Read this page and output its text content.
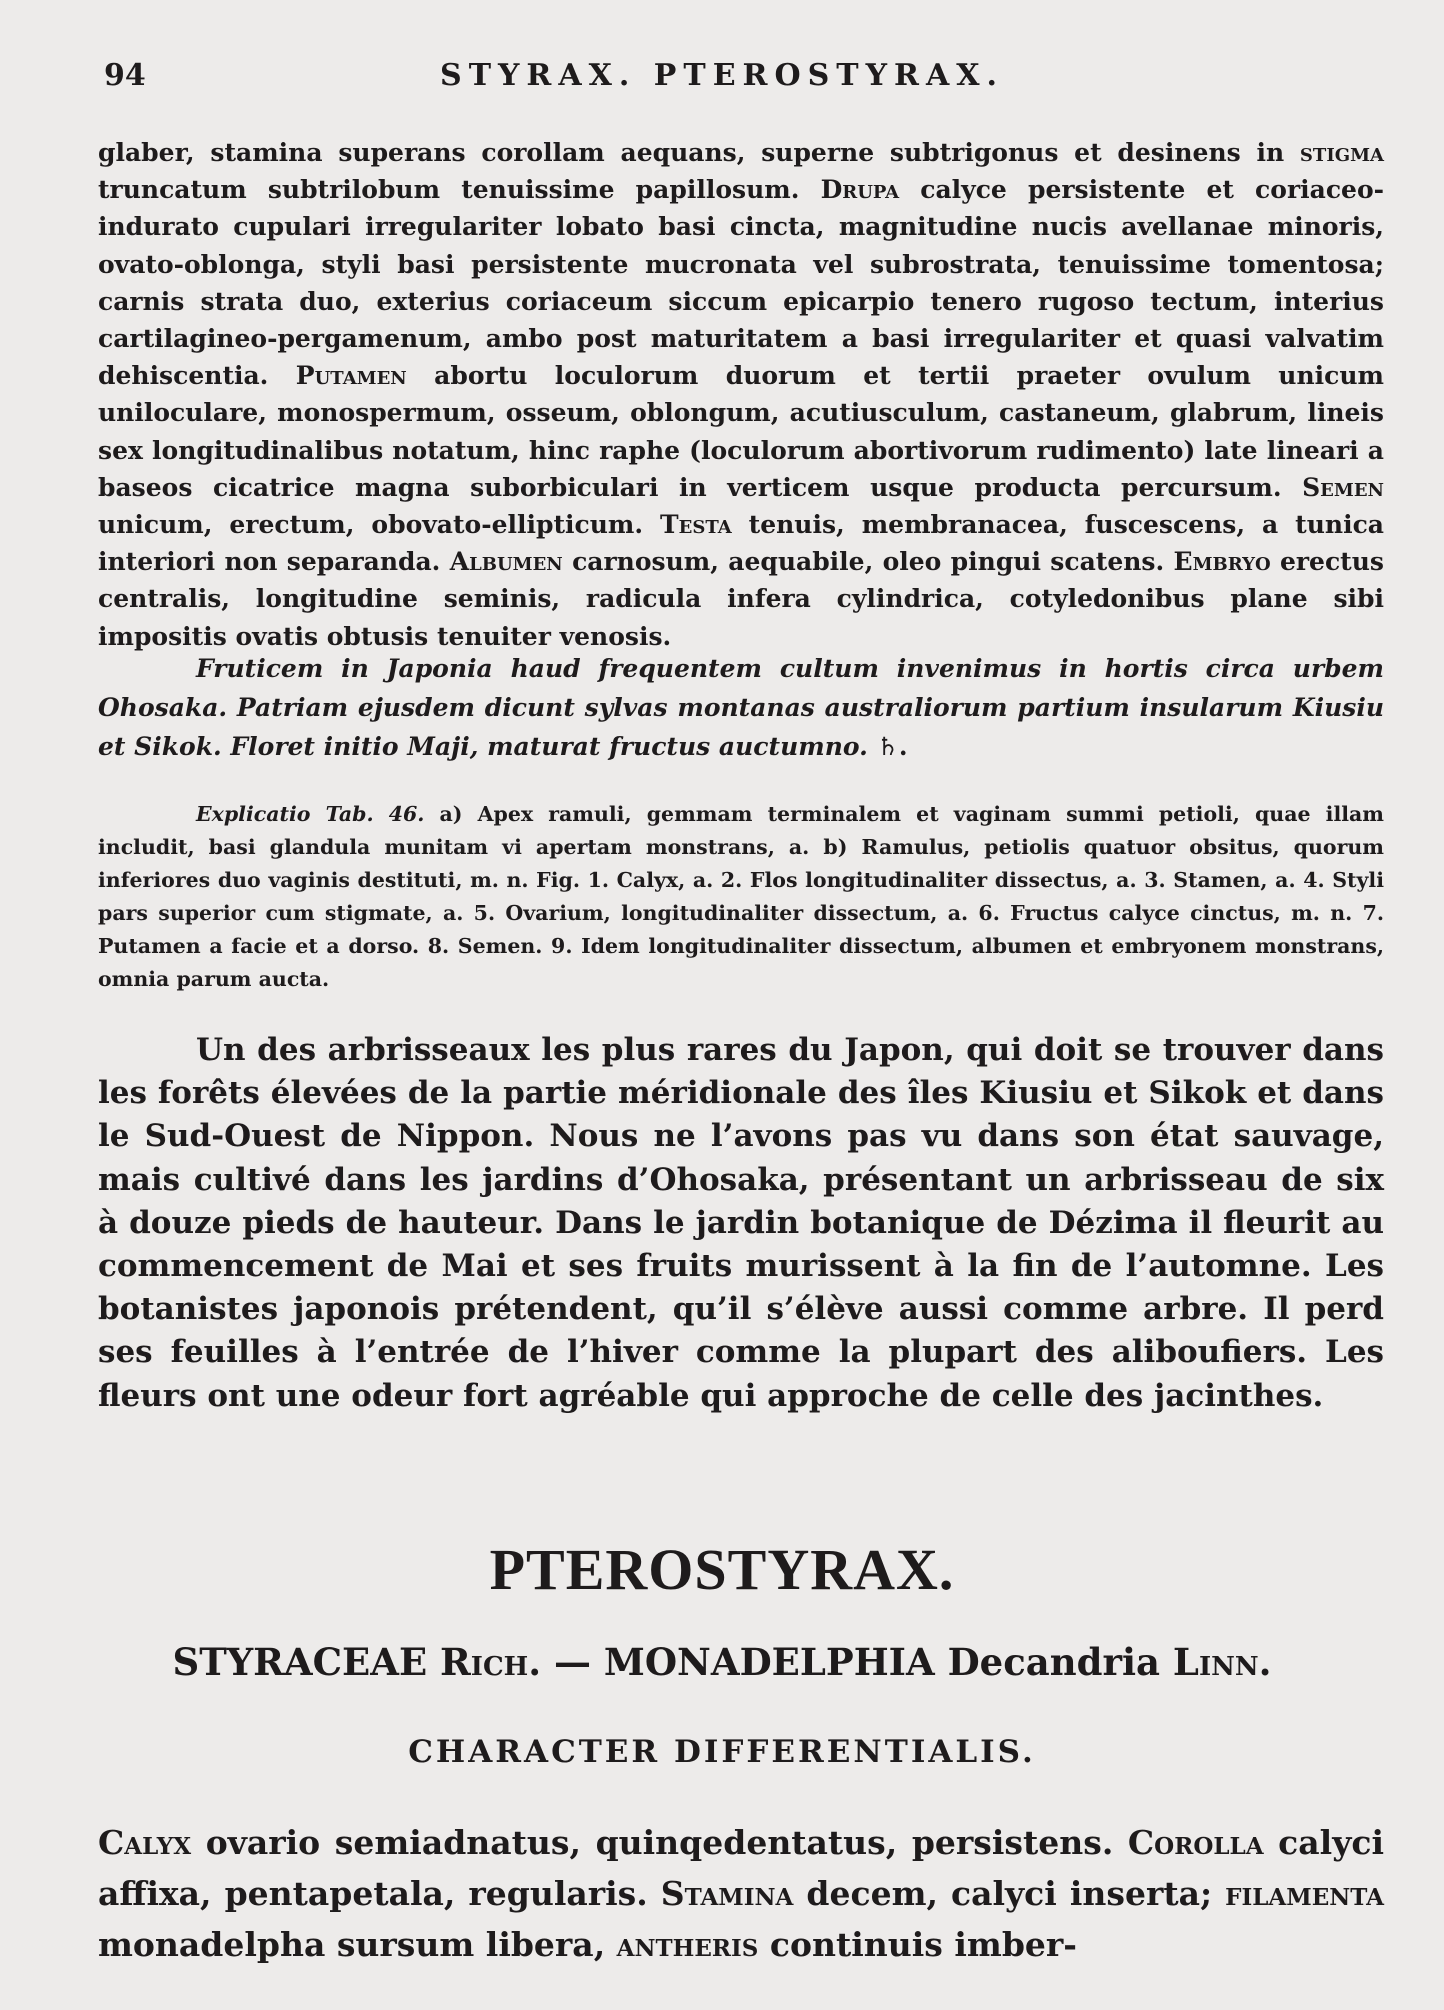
94	STYRAX. PTEROSTYRAX.

glaber, stamina superans corollam aequans, superne subtrigonus et desinens in stigma truncatum subtrilobum tenuissime papillosum. Drupa calyce persistente et coriaceo-indurato cupulari irregulariter lobato basi cincta, magnitudine nucis avellanae minoris, ovato-oblonga, styli basi persistente mucronata vel subrostrata, tenuissime tomentosa; carnis strata duo, exterius coriaceum siccum epicarpio tenero rugoso tectum, interius cartilagineo-pergamenum, ambo post maturitatem a basi irregulariter et quasi valvatim dehiscentia. Putamen abortu loculorum duorum et tertii praeter ovulum unicum uniloculare, monospermum, osseum, oblongum, acutiusculum, castaneum, glabrum, lineis sex longitudinalibus notatum, hinc raphe (loculorum abortivorum rudimento) late lineari a baseos cicatrice magna suborbiculari in verticem usque producta percursum. Semen unicum, erectum, obovato-ellipticum. Testa tenuis, membranacea, fuscescens, a tunica interiori non separanda. Albumen carnosum, aequabile, oleo pingui scatens. Embryo erectus centralis, longitudine seminis, radicula infera cylindrica, cotyledonibus plane sibi impositis ovatis obtusis tenuiter venosis.

Fruticem in Japonia haud frequentem cultum invenimus in hortis circa urbem Ohosaka. Patriam ejusdem dicunt sylvas montanas australiorum partium insularum Kiusiu et Sikok. Floret initio Maji, maturat fructus auctumno. ♄.

Explicatio Tab. 46. a) Apex ramuli, gemmam terminalem et vaginam summi petioli, quae illam includit, basi glandula munitam vi apertam monstrans, a. b) Ramulus, petiolis quatuor obsitus, quorum inferiores duo vaginis destituti, m. n. Fig. 1. Calyx, a. 2. Flos longitudinaliter dissectus, a. 3. Stamen, a. 4. Styli pars superior cum stigmate, a. 5. Ovarium, longitudinaliter dissectum, a. 6. Fructus calyce cinctus, m. n. 7. Putamen a facie et a dorso. 8. Semen. 9. Idem longitudinaliter dissectum, albumen et embryonem monstrans, omnia parum aucta.

Un des arbrisseaux les plus rares du Japon, qui doit se trouver dans les forêts élevées de la partie méridionale des îles Kiusiu et Sikok et dans le Sud-Ouest de Nippon. Nous ne l’avons pas vu dans son état sauvage, mais cultivé dans les jardins d’Ohosaka, présentant un arbrisseau de six à douze pieds de hauteur. Dans le jardin botanique de Dézima il fleurit au commencement de Mai et ses fruits murissent à la fin de l’automne. Les botanistes japonois prétendent, qu’il s’élève aussi comme arbre. Il perd ses feuilles à l’entrée de l’hiver comme la plupart des aliboufiers. Les fleurs ont une odeur fort agréable qui approche de celle des jacinthes.

PTEROSTYRAX.
STYRACEAE Rich. — MONADELPHIA Decandria Linn.
CHARACTER DIFFERENTIALIS.

Calyx ovario semiadnatus, quinqedentatus, persistens. Corolla calyci affixa, pentapetala, regularis. Stamina decem, calyci inserta; filamenta monadelpha sursum libera, antheris continuis imber-
